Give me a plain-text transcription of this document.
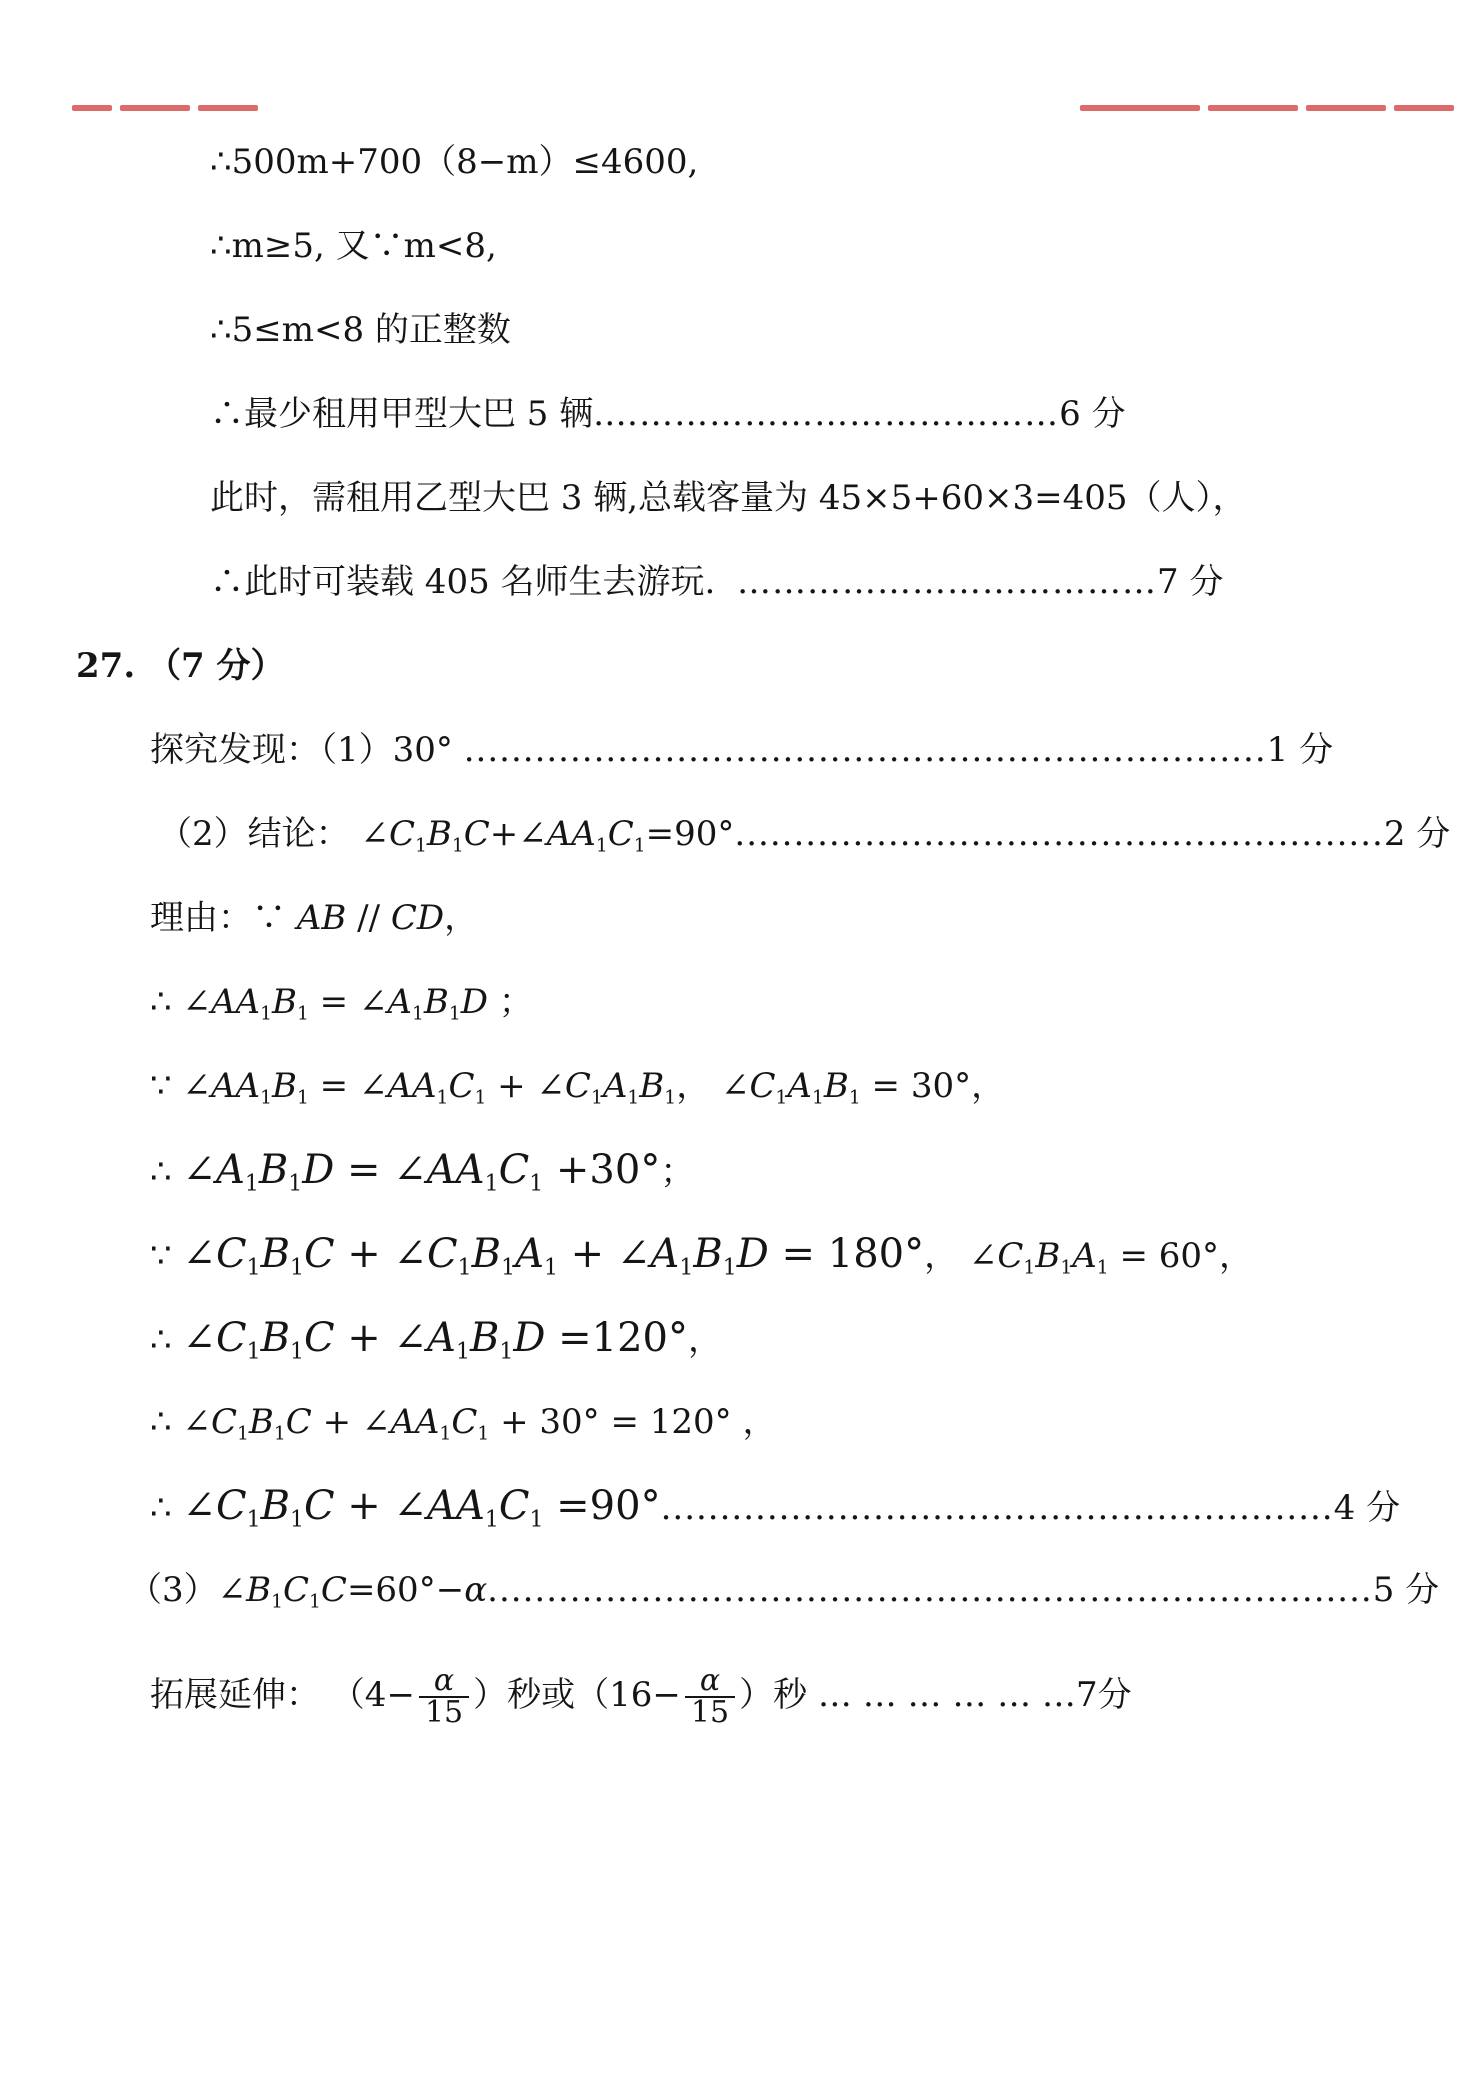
∴500m+700（8−m）≤4600,
∴m≥5, 又∵m<8,
∴5≤m<8 的正整数
∴最少租用甲型大巴 5 辆.…………………………………6 分
此时，需租用乙型大巴 3 辆,总载客量为 45×5+60×3=405（人），
∴此时可装载 405 名师生去游玩. ………………………………7 分
27. （7 分）
探究发现：（1）30° ....................................................................1 分
（2）结论： $\angle C_1B_1C+\angle AA_1C_1=90^\circ.......................................................2$ 分
理由：∵ AB // CD，
∴ $\angle AA_1B_1$ = $\angle A_1B_1D$ ；
∵ $\angle AA_1B_1$ = $\angle AA_1C_1$ + $\angle C_1A_1B_1$， $\angle C_1A_1B_1 = 30^\circ$，
∴ $\angle A_1B_1D$ = $\angle AA_1C_1 +30^\circ$；
∵ $\angle C_1B_1C$ + $\angle C_1B_1A_1$ + $\angle A_1B_1D = 180^\circ$， $\angle C_1B_1A_1 = 60^\circ$，
∴ $\angle C_1B_1C$ + $\angle A_1B_1D =120^\circ$，
∴ $\angle C_1B_1C$ + $\angle AA_1C_1 + 30^\circ = 120^\circ$ ，
∴ $\angle C_1B_1C$ + $\angle AA_1C_1 =90^\circ.........................................................4$ 分
$(3)\angle B_1C_1C=60^\circ-\alpha...........................................................................5$ 分
拓展延伸： （$4- \frac{\alpha}{15}$ ）秒或（$16- \frac{\alpha}{15}$ ）秒 … … … … … …7分
